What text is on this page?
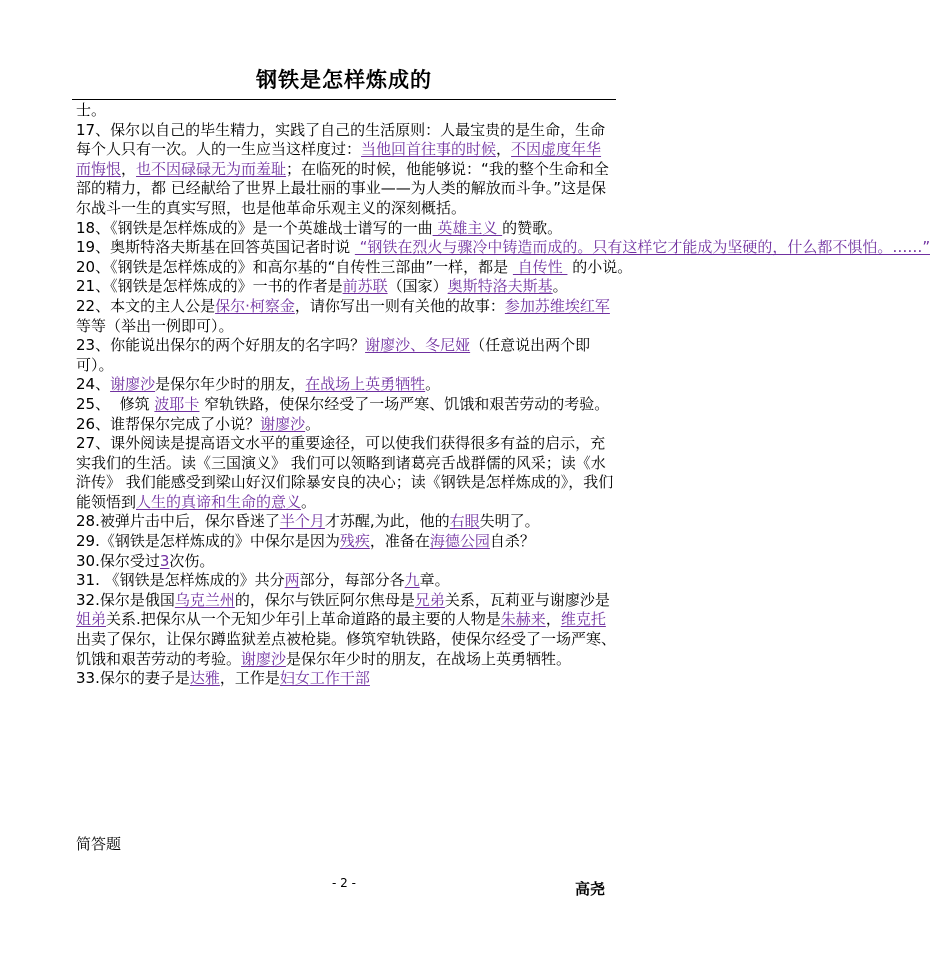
钢铁是怎样炼成的

士。

17、保尔以自己的毕生精力，实践了自己的生活原则：人最宝贵的是生命，生命每个人只有一次。人的一生应当这样度过：当他回首往事的时候，不因虚度年华而悔恨，也不因碌碌无为而羞耻；在临死的时候，他能够说：“我的整个生命和全部的精力，都 已经献给了世界上最壮丽的事业——为人类的解放而斗争。”这是保尔战斗一生的真实写照，也是他革命乐观主义的深刻概括。

18、《钢铁是怎样炼成的》是一个英雄战士谱写的一曲 英雄主义 的赞歌。

19、奥斯特洛夫斯基在回答英国记者时说  “钢铁在烈火与骤冷中铸造而成的。只有这样它才能成为坚硬的，什么都不惧怕。……”

20、《钢铁是怎样炼成的》和高尔基的“自传性三部曲”一样，都是  自传性  的小说。

21、《钢铁是怎样炼成的》一书的作者是前苏联（国家）奥斯特洛夫斯基。

22、本文的主人公是保尔·柯察金，请你写出一则有关他的故事：参加苏维埃红军等等（举出一例即可）。

23、你能说出保尔的两个好朋友的名字吗？谢廖沙、冬尼娅（任意说出两个即可）。

24、谢廖沙是保尔年少时的朋友，在战场上英勇牺牲。

25、  修筑 波耶卡 窄轨铁路，使保尔经受了一场严寒、饥饿和艰苦劳动的考验。

26、谁帮保尔完成了小说？谢廖沙。

27、课外阅读是提高语文水平的重要途径，可以使我们获得很多有益的启示，充实我们的生活。读《三国演义》 我们可以领略到诸葛亮舌战群儒的风采；读《水浒传》 我们能感受到梁山好汉们除暴安良的决心；读《钢铁是怎样炼成的》，我们能领悟到人生的真谛和生命的意义。

28.被弹片击中后，保尔昏迷了半个月才苏醒,为此，他的右眼失明了。

29.《钢铁是怎样炼成的》中保尔是因为残疾，准备在海德公园自杀？

30.保尔受过3次伤。

31. 《钢铁是怎样炼成的》共分两部分，每部分各九章。

32.保尔是俄国乌克兰州的，保尔与铁匠阿尔焦母是兄弟关系，瓦莉亚与谢廖沙是姐弟关系.把保尔从一个无知少年引上革命道路的最主要的人物是朱赫来，维克托出卖了保尔，让保尔蹲监狱差点被枪毙。修筑窄轨铁路，使保尔经受了一场严寒、饥饿和艰苦劳动的考验。谢廖沙是保尔年少时的朋友，在战场上英勇牺牲。

33.保尔的妻子是达雅，工作是妇女工作干部

简答题
- 2 -	高尧
